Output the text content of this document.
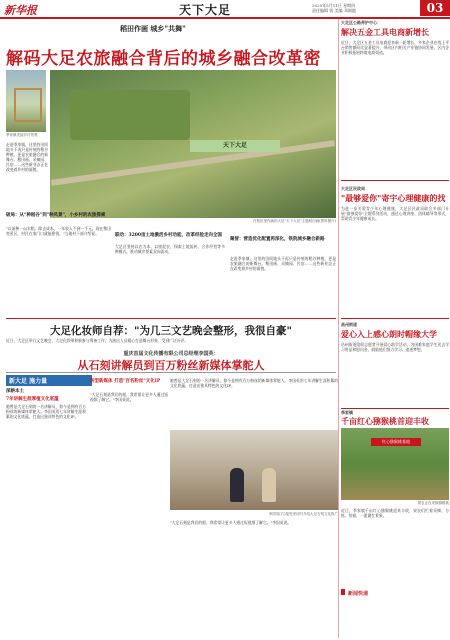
新华报	天下大足	2025年5月11日 星期四
责任编辑 钱 美编 邓刚越	03
稻田作画 城乡"共舞"
解码大足农旅融合背后的城乡融合改革密
季家镇美丽乡村景观
天下大足
在稻田里作画的大足"天下大足"主题稻田画(资料图片)
走进季家镇，这里的田间地头不再只是传统的稻谷种植，更是农旅融合的新舞台。稻田画、采摘园、民宿……这些新业态正在改变着乡村的面貌。
破局：从"种稻谷"到"种风景"，小乡村的农旅探索
"以前种一亩水稻，除去成本，一年收入不到一千元。现在稻田变景区，村民在家门口就能挣钱。"当地村干部介绍说。	联动：3200亩土地激活乡村动能，改革经验走向全国
大足区坚持以农为本、以旅促农，探索土地流转、合作经营等多种模式，推动城乡要素双向流动。
聚智：营造优化配置再深化，铁院城乡融合新路
走进季家镇，这里的田间地头不再只是传统的稻谷种植，更是农旅融合的新舞台。稻田画、采摘园、民宿……这些新业态正在改变着乡村的面貌。
大足化妆师自荐："为几三文艺晚会整形，我很自豪"
近日，大足区举行文艺晚会，大足化妆师积极参与筹备工作，为演出人员精心打造舞台形象，受到广泛好评。
重庆首届文化传播有限公司总经理李国英：
从石刻讲解员到百万粉丝新媒体掌舵人
新大足 施力量
深耕本土
7年讲解生涯厚植文化底蕴
她曾是大足石刻的一名讲解员，如今是拥有百万粉丝的新媒体掌舵人。李国英用七年讲解生涯积累的文化底蕴，打造出独具特色的文化IP。
转型新媒体 打造"百名粉丝"文化IP
"大足石刻是我们的根，我希望让更多人通过短视频了解它。"李国英说。
她曾是大足石刻的一名讲解员，如今是拥有百万粉丝的新媒体掌舵人。李国英用七年讲解生涯积累的文化底蕴，打造出独具特色的文化IP。
李国英(右)接受采访时介绍大足石刻文化推广
"大足石刻是我们的根，我希望让更多人通过短视频了解它。"李国英说。
大足区公路养护中心：
解决五金工具电商新增长
近日，大足区五金工具电商迎来新一轮增长，多家企业在线上平台销售额同比显著提升，带动区内相关产业链协同发展，区内企业积极拓展跨境电商渠道。
大足区民政局
"最够爱你"寄宇心理健康的找
为进一步关爱青少年心理健康，大足区民政局联合多部门开展"最够爱你"主题系列活动，通过心理讲座、团体辅导等形式，帮助青少年健康成长。
昌州街道
爱心入上感心朗时帽缘大学
昌州街道组织志愿者开展爱心助学活动，为困难家庭学生送去学习用品和慰问金，鼓励他们努力学习、追逐梦想。
季家镇
千亩红心猕猴桃首迎丰收
红心猕猴桃基地
果农正在采摘猕猴桃
近日，季家镇千亩红心猕猴桃迎来丰收，果农们忙着采摘、分拣、装箱，一派繁忙景象。
新闻快递
